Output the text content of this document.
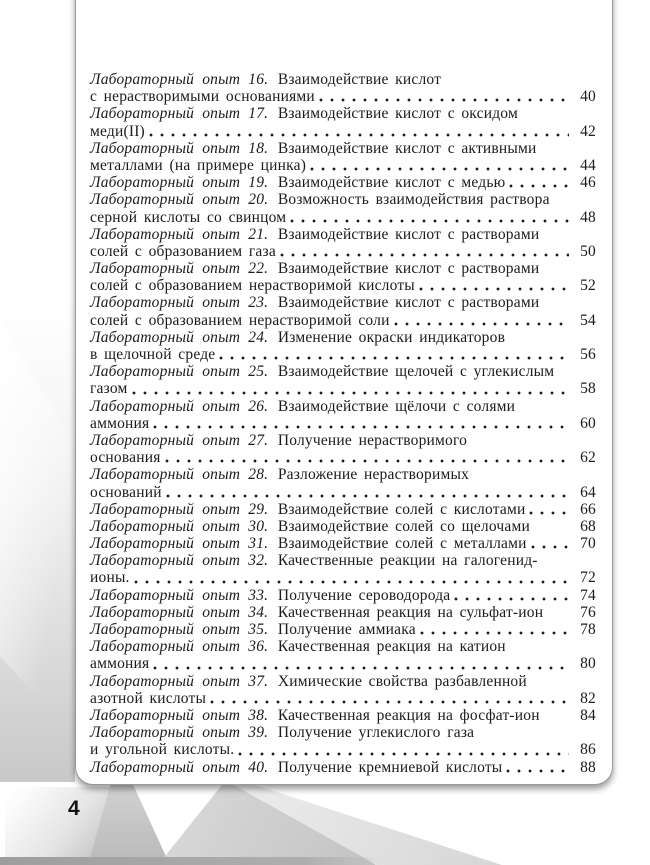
Лабораторный опыт 16. Взаимодействие кислот
с нерастворимыми основаниями	40
Лабораторный опыт 17. Взаимодействие кислот с оксидом
меди(II)	42
Лабораторный опыт 18. Взаимодействие кислот с активными
металлами (на примере цинка)	44
Лабораторный опыт 19. Взаимодействие кислот с медью	46
Лабораторный опыт 20. Возможность взаимодействия раствора
серной кислоты со свинцом	48
Лабораторный опыт 21. Взаимодействие кислот с растворами
солей с образованием газа	50
Лабораторный опыт 22. Взаимодействие кислот с растворами
солей с образованием нерастворимой кислоты	52
Лабораторный опыт 23. Взаимодействие кислот с растворами
солей с образованием нерастворимой соли	54
Лабораторный опыт 24. Изменение окраски индикаторов
в щелочной среде	56
Лабораторный опыт 25. Взаимодействие щелочей с углекислым
газом	58
Лабораторный опыт 26. Взаимодействие щёлочи с солями
аммония	60
Лабораторный опыт 27. Получение нерастворимого
основания	62
Лабораторный опыт 28. Разложение нерастворимых
оснований	64
Лабораторный опыт 29. Взаимодействие солей с кислотами	66
Лабораторный опыт 30. Взаимодействие солей со щелочами	68
Лабораторный опыт 31. Взаимодействие солей с металлами	70
Лабораторный опыт 32. Качественные реакции на галогенид-
ионы.	72
Лабораторный опыт 33. Получение сероводорода	74
Лабораторный опыт 34. Качественная реакция на сульфат-ион 76
Лабораторный опыт 35. Получение аммиака	78
Лабораторный опыт 36. Качественная реакция на катион
аммония	80
Лабораторный опыт 37. Химические свойства разбавленной
азотной кислоты	82
Лабораторный опыт 38. Качественная реакция на фосфат-ион	84
Лабораторный опыт 39. Получение углекислого газа
и угольной кислоты.	86
Лабораторный опыт 40. Получение кремниевой кислоты	88
4
